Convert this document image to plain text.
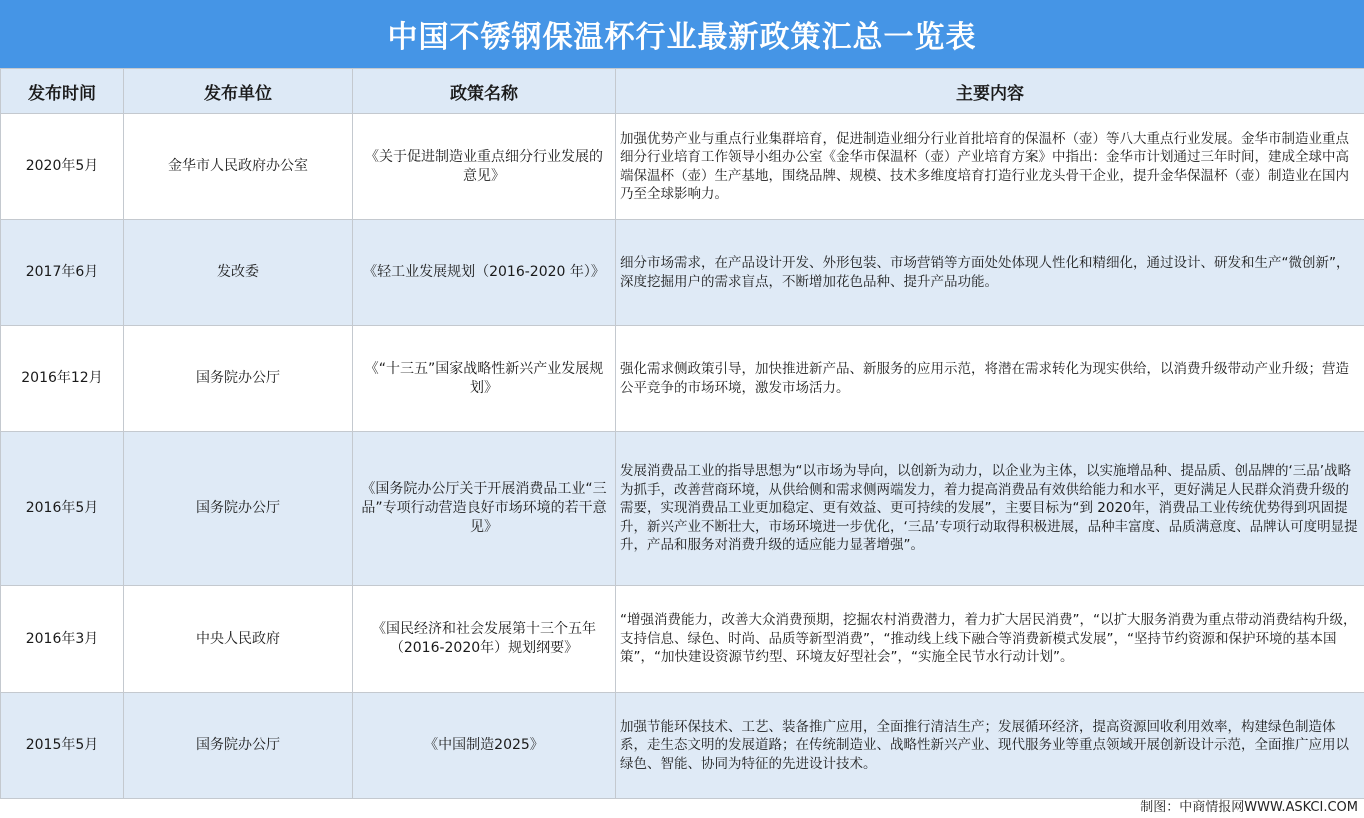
中国不锈钢保温杯行业最新政策汇总一览表
发布时间	发布单位	政策名称	主要内容
2020年5月	金华市人民政府办公室	《关于促进制造业重点细分行业发展的意见》	加强优势产业与重点行业集群培育，促进制造业细分行业首批培育的保温杯（壶）等八大重点行业发展。金华市制造业重点细分行业培育工作领导小组办公室《金华市保温杯（壶）产业培育方案》中指出：金华市计划通过三年时间，建成全球中高端保温杯（壶）生产基地，围绕品牌、规模、技术多维度培育打造行业龙头骨干企业，提升金华保温杯（壶）制造业在国内乃至全球影响力。
2017年6月	发改委	《轻工业发展规划（2016-2020 年）》	细分市场需求，在产品设计开发、外形包装、市场营销等方面处处体现人性化和精细化，通过设计、研发和生产“微创新”，深度挖掘用户的需求盲点，不断增加花色品种、提升产品功能。
2016年12月	国务院办公厅	《“十三五”国家战略性新兴产业发展规划》	强化需求侧政策引导，加快推进新产品、新服务的应用示范，将潜在需求转化为现实供给，以消费升级带动产业升级；营造公平竞争的市场环境，激发市场活力。
2016年5月	国务院办公厅	《国务院办公厅关于开展消费品工业“三品”专项行动营造良好市场环境的若干意见》	发展消费品工业的指导思想为“以市场为导向，以创新为动力，以企业为主体，以实施增品种、提品质、创品牌的‘三品’战略为抓手，改善营商环境，从供给侧和需求侧两端发力，着力提高消费品有效供给能力和水平，更好满足人民群众消费升级的需要，实现消费品工业更加稳定、更有效益、更可持续的发展”，主要目标为“到 2020年，消费品工业传统优势得到巩固提升，新兴产业不断壮大，市场环境进一步优化，‘三品’专项行动取得积极进展，品种丰富度、品质满意度、品牌认可度明显提升，产品和服务对消费升级的适应能力显著增强”。
2016年3月	中央人民政府	《国民经济和社会发展第十三个五年（2016-2020年）规划纲要》	“增强消费能力，改善大众消费预期，挖掘农村消费潜力，着力扩大居民消费”，“以扩大服务消费为重点带动消费结构升级，支持信息、绿色、时尚、品质等新型消费”，“推动线上线下融合等消费新模式发展”，“坚持节约资源和保护环境的基本国策”，“加快建设资源节约型、环境友好型社会”，“实施全民节水行动计划”。
2015年5月	国务院办公厅	《中国制造2025》	加强节能环保技术、工艺、装备推广应用，全面推行清洁生产；发展循环经济，提高资源回收利用效率，构建绿色制造体系，走生态文明的发展道路；在传统制造业、战略性新兴产业、现代服务业等重点领域开展创新设计示范，全面推广应用以绿色、智能、协同为特征的先进设计技术。
制图：中商情报网WWW.ASKCI.COM
